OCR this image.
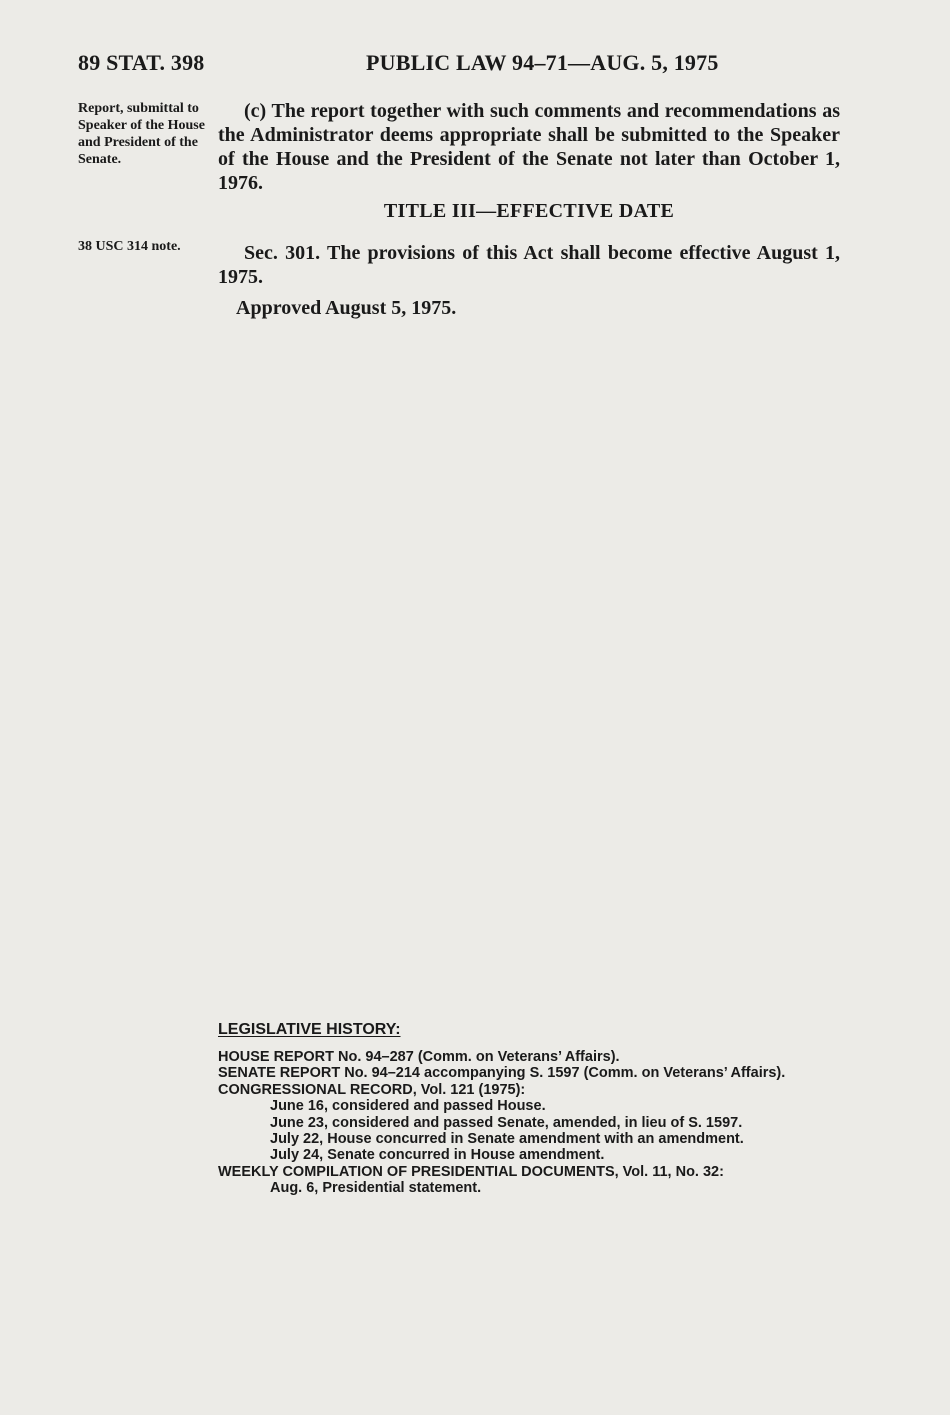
89 STAT. 398	PUBLIC LAW 94–71—AUG. 5, 1975
Report, submittal to Speaker of the House and President of the Senate.
38 USC 314 note.
(c) The report together with such comments and recommendations as the Administrator deems appropriate shall be submitted to the Speaker of the House and the President of the Senate not later than October 1, 1976.
TITLE III—EFFECTIVE DATE
Sec. 301. The provisions of this Act shall become effective August 1, 1975.
Approved August 5, 1975.
LEGISLATIVE HISTORY:
HOUSE REPORT No. 94–287 (Comm. on Veterans’ Affairs).
SENATE REPORT No. 94–214 accompanying S. 1597 (Comm. on Veterans’ Affairs).
CONGRESSIONAL RECORD, Vol. 121 (1975):
June 16, considered and passed House.
June 23, considered and passed Senate, amended, in lieu of S. 1597.
July 22, House concurred in Senate amendment with an amendment.
July 24, Senate concurred in House amendment.
WEEKLY COMPILATION OF PRESIDENTIAL DOCUMENTS, Vol. 11, No. 32:
Aug. 6, Presidential statement.
